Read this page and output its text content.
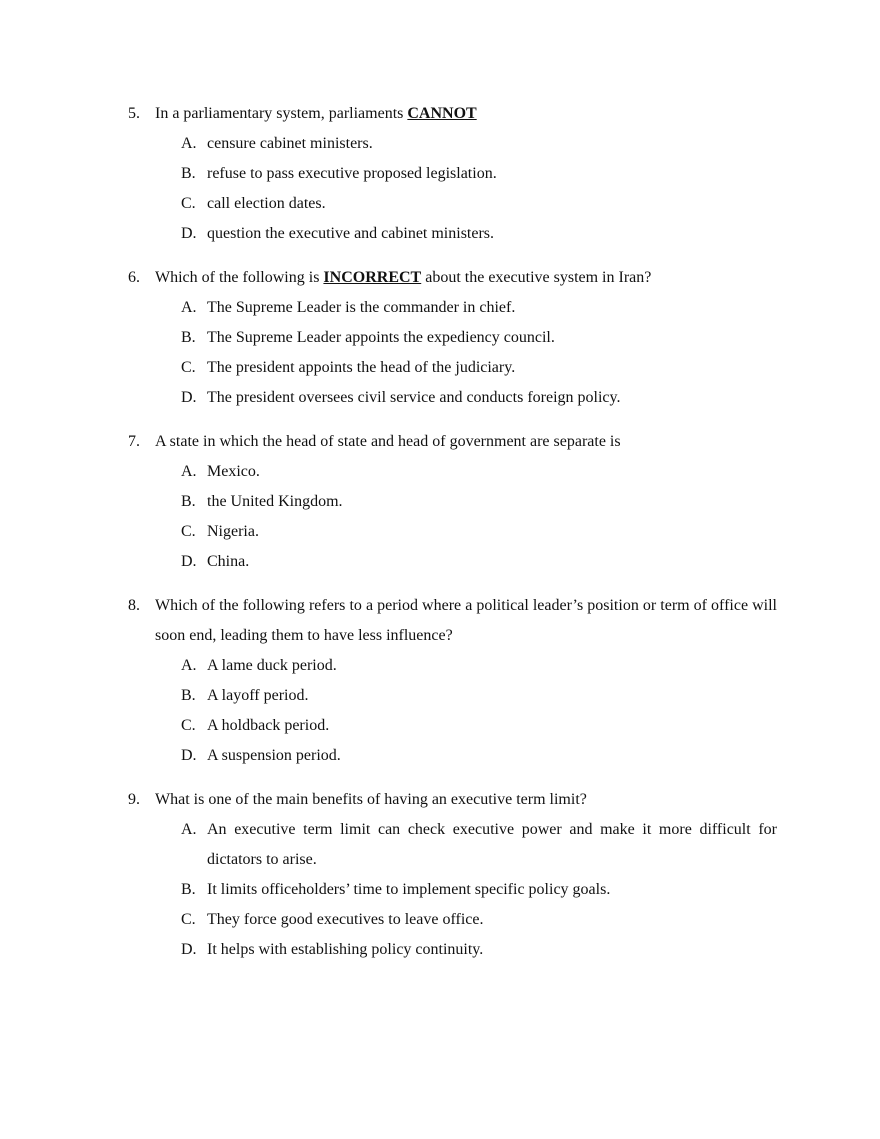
5. In a parliamentary system, parliaments CANNOT
A. censure cabinet ministers.
B. refuse to pass executive proposed legislation.
C. call election dates.
D. question the executive and cabinet ministers.
6. Which of the following is INCORRECT about the executive system in Iran?
A. The Supreme Leader is the commander in chief.
B. The Supreme Leader appoints the expediency council.
C. The president appoints the head of the judiciary.
D. The president oversees civil service and conducts foreign policy.
7. A state in which the head of state and head of government are separate is
A. Mexico.
B. the United Kingdom.
C. Nigeria.
D. China.
8. Which of the following refers to a period where a political leader’s position or term of office will soon end, leading them to have less influence?
A. A lame duck period.
B. A layoff period.
C. A holdback period.
D. A suspension period.
9. What is one of the main benefits of having an executive term limit?
A. An executive term limit can check executive power and make it more difficult for dictators to arise.
B. It limits officeholders’ time to implement specific policy goals.
C. They force good executives to leave office.
D. It helps with establishing policy continuity.
